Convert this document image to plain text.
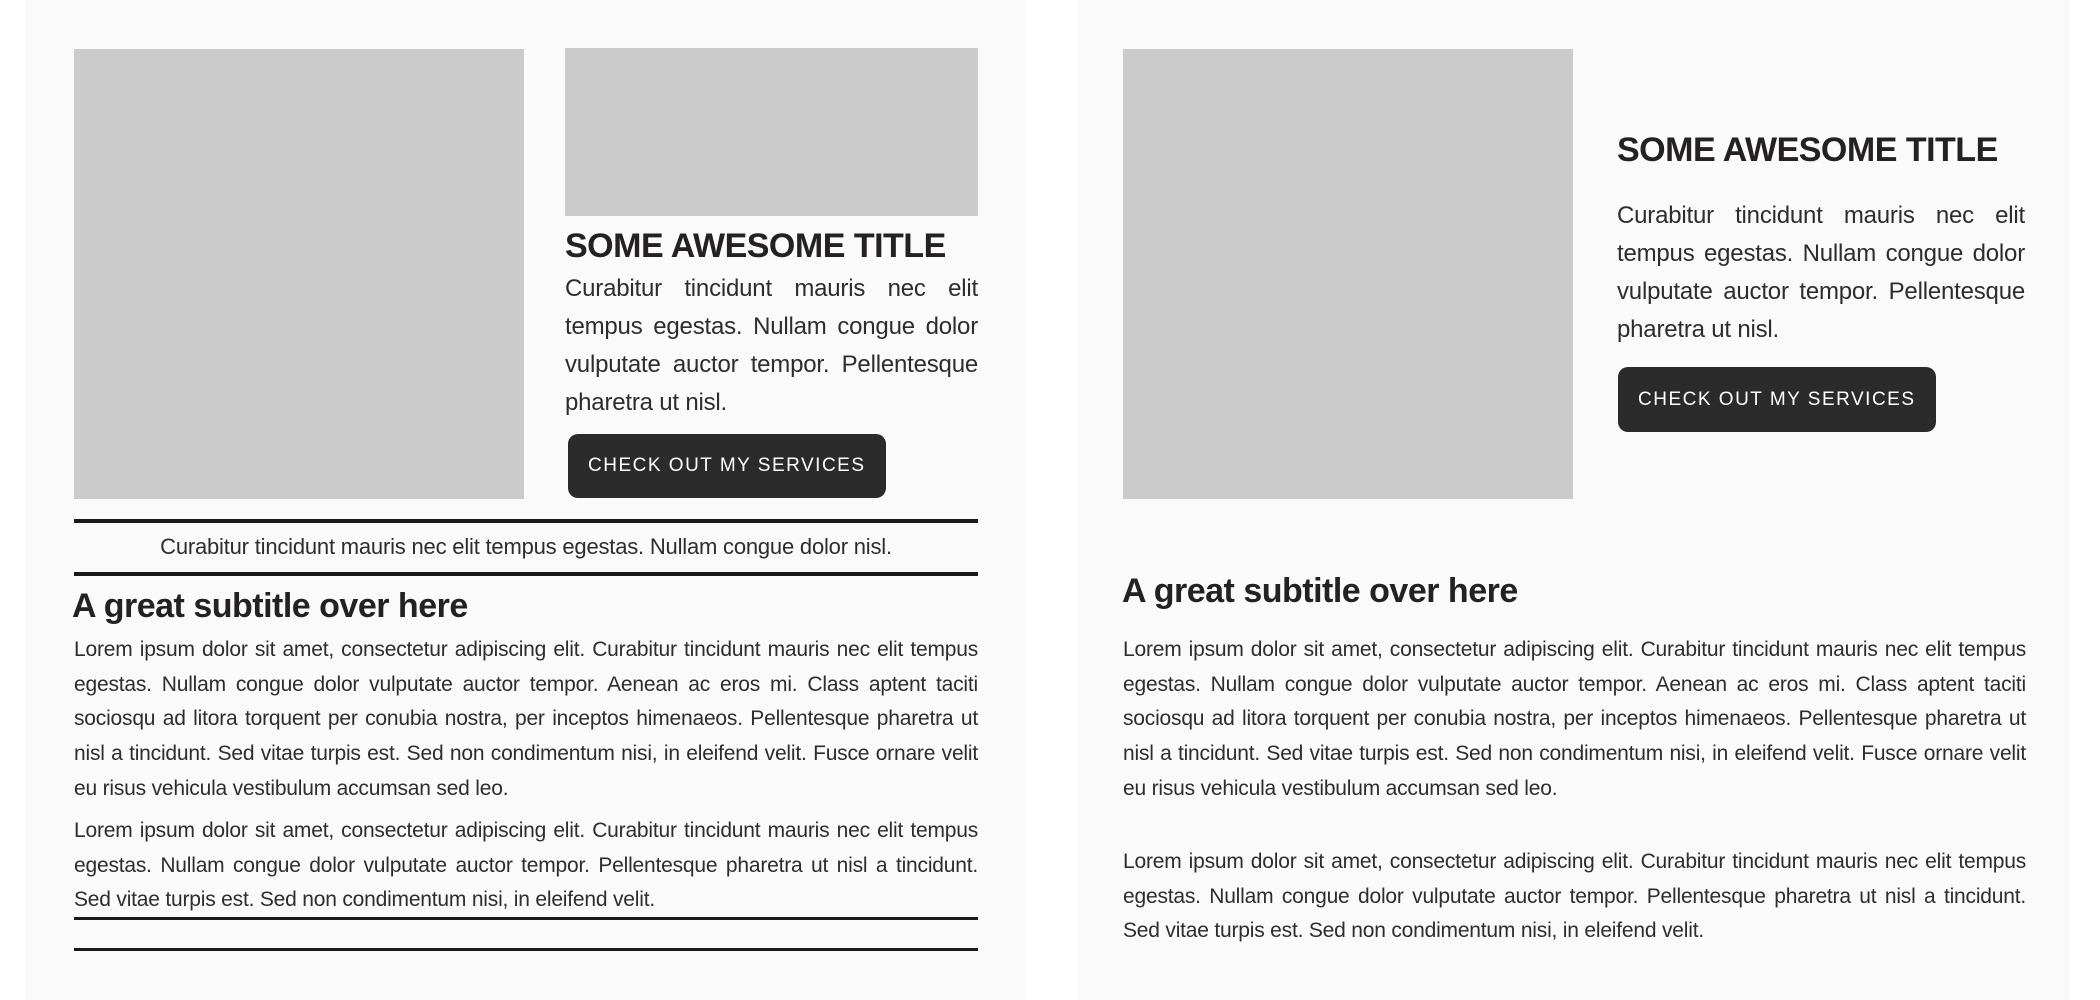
SOME AWESOME TITLE

Curabitur tincidunt mauris nec elit tempus egestas. Nullam congue dolor vulputate auctor tempor. Pellentesque pharetra ut nisl.

CHECK OUT MY SERVICES

Curabitur tincidunt mauris nec elit tempus egestas. Nullam congue dolor nisl.

A great subtitle over here

Lorem ipsum dolor sit amet, consectetur adipiscing elit. Curabitur tincidunt mauris nec elit tempus egestas. Nullam congue dolor vulputate auctor tempor. Aenean ac eros mi. Class aptent taciti sociosqu ad litora torquent per conubia nostra, per inceptos himenaeos. Pellentesque pharetra ut nisl a tincidunt. Sed vitae turpis est. Sed non condimentum nisi, in eleifend velit. Fusce ornare velit eu risus vehicula vestibulum accumsan sed leo.

Lorem ipsum dolor sit amet, consectetur adipiscing elit. Curabitur tincidunt mauris nec elit tempus egestas. Nullam congue dolor vulputate auctor tempor. Pellentesque pharetra ut nisl a tincidunt. Sed vitae turpis est. Sed non condimentum nisi, in eleifend velit.

SOME AWESOME TITLE

Curabitur tincidunt mauris nec elit tempus egestas. Nullam congue dolor vulputate auctor tempor. Pellentesque pharetra ut nisl.

CHECK OUT MY SERVICES
A great subtitle over here

Lorem ipsum dolor sit amet, consectetur adipiscing elit. Curabitur tincidunt mauris nec elit tempus egestas. Nullam congue dolor vulputate auctor tempor. Aenean ac eros mi. Class aptent taciti sociosqu ad litora torquent per conubia nostra, per inceptos himenaeos. Pellentesque pharetra ut nisl a tincidunt. Sed vitae turpis est. Sed non condimentum nisi, in eleifend velit. Fusce ornare velit eu risus vehicula vestibulum accumsan sed leo.

Lorem ipsum dolor sit amet, consectetur adipiscing elit. Curabitur tincidunt mauris nec elit tempus egestas. Nullam congue dolor vulputate auctor tempor. Pellentesque pharetra ut nisl a tincidunt. Sed vitae turpis est. Sed non condimentum nisi, in eleifend velit.
